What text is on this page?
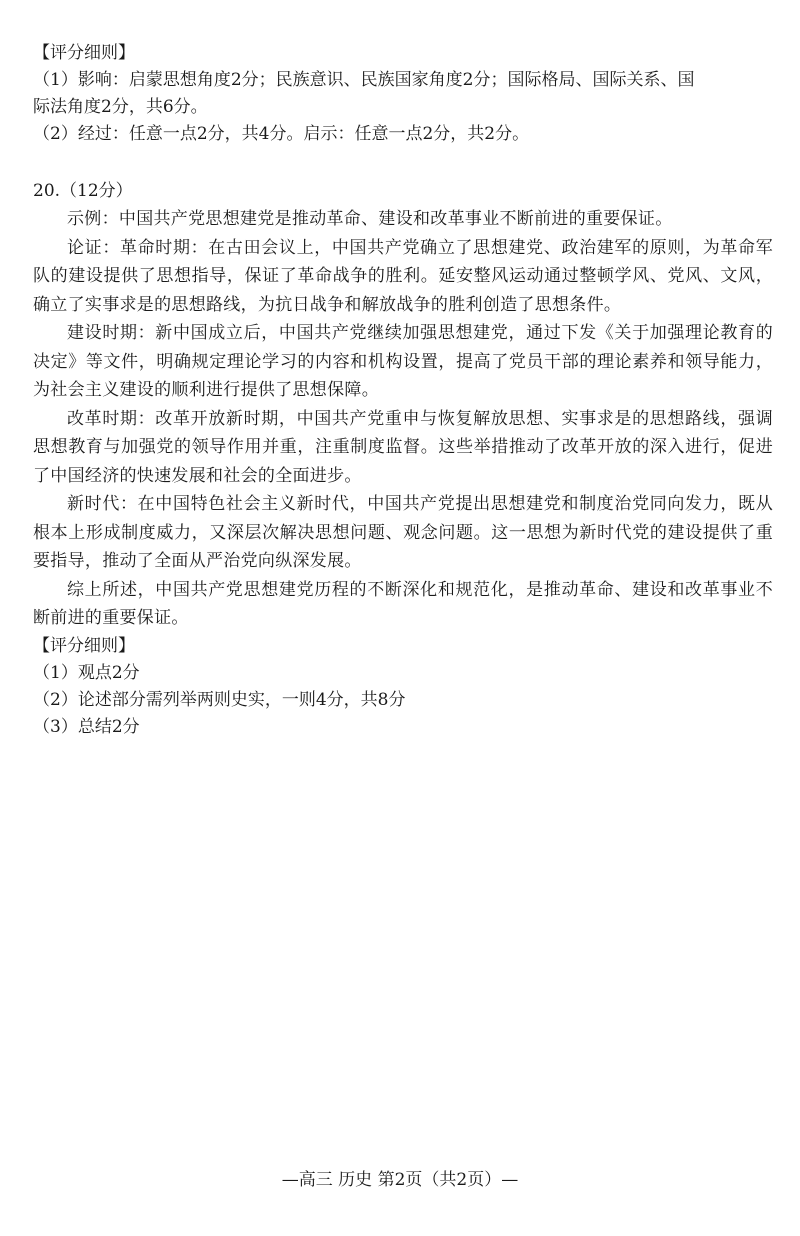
【评分细则】

（1）影响：启蒙思想角度2分；民族意识、民族国家角度2分；国际格局、国际关系、国

际法角度2分，共6分。

（2）经过：任意一点2分，共4分。启示：任意一点2分，共2分。

20.（12分）

示例：中国共产党思想建党是推动革命、建设和改革事业不断前进的重要保证。

论证：革命时期：在古田会议上，中国共产党确立了思想建党、政治建军的原则，为革命军队的建设提供了思想指导，保证了革命战争的胜利。延安整风运动通过整顿学风、党风、文风，确立了实事求是的思想路线，为抗日战争和解放战争的胜利创造了思想条件。

建设时期：新中国成立后，中国共产党继续加强思想建党，通过下发《关于加强理论教育的决定》等文件，明确规定理论学习的内容和机构设置，提高了党员干部的理论素养和领导能力，为社会主义建设的顺利进行提供了思想保障。

改革时期：改革开放新时期，中国共产党重申与恢复解放思想、实事求是的思想路线，强调思想教育与加强党的领导作用并重，注重制度监督。这些举措推动了改革开放的深入进行，促进了中国经济的快速发展和社会的全面进步。

新时代：在中国特色社会主义新时代，中国共产党提出思想建党和制度治党同向发力，既从根本上形成制度威力，又深层次解决思想问题、观念问题。这一思想为新时代党的建设提供了重要指导，推动了全面从严治党向纵深发展。

综上所述，中国共产党思想建党历程的不断深化和规范化，是推动革命、建设和改革事业不断前进的重要保证。

【评分细则】

（1）观点2分

（2）论述部分需列举两则史实，一则4分，共8分

（3）总结2分

—高三 历史 第2页（共2页）—
